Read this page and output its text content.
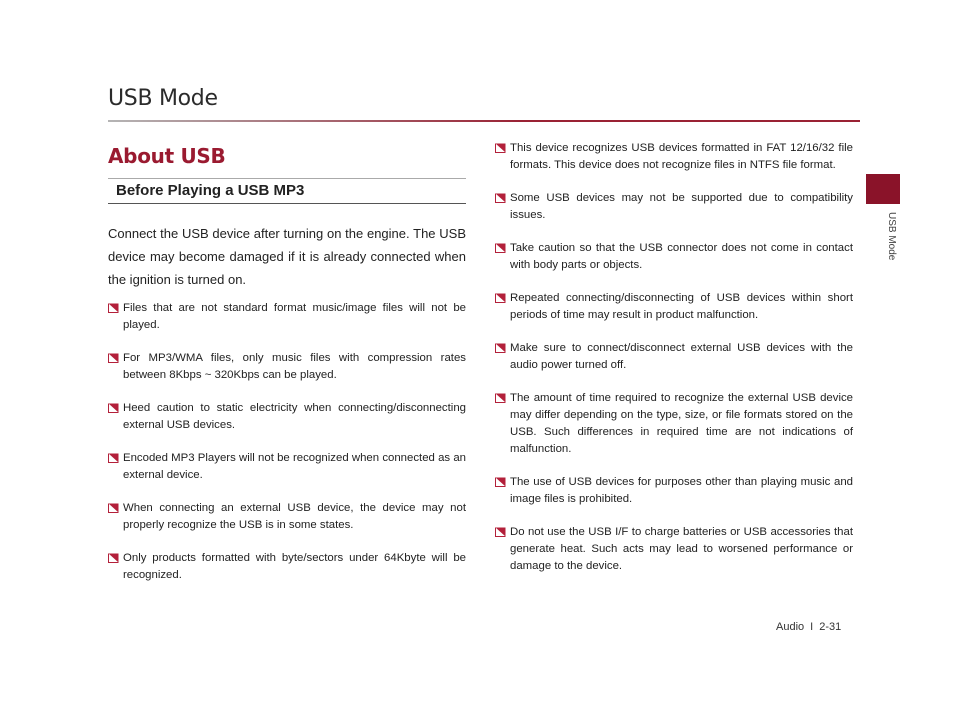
USB Mode
USB Mode
About USB
Before Playing a USB MP3

Connect the USB device after turning on the engine. The USB device may become damaged if it is already connected when the ignition is turned on.

Files that are not standard format music/image files will not be played.
For MP3/WMA files, only music files with compression rates between 8Kbps ~ 320Kbps can be played.
Heed caution to static electricity when connecting/disconnecting external USB devices.
Encoded MP3 Players will not be recognized when connected as an external device.
When connecting an external USB device, the device may not properly recognize the USB is in some states.
Only products formatted with byte/sectors under 64Kbyte will be recognized.
This device recognizes USB devices formatted in FAT 12/16/32 file formats. This device does not recognize files in NTFS file format.
Some USB devices may not be supported due to compatibility issues.
Take caution so that the USB connector does not come in contact with body parts or objects.
Repeated connecting/disconnecting of USB devices within short periods of time may result in product malfunction.
Make sure to connect/disconnect external USB devices with the audio power turned off.
The amount of time required to recognize the external USB device may differ depending on the type, size, or file formats stored on the USB. Such differences in required time are not indications of malfunction.
The use of USB devices for purposes other than playing music and image files is prohibited.
Do not use the USB I/F to charge batteries or USB accessories that generate heat. Such acts may lead to worsened performance or damage to the device.
Audio I 2-31
